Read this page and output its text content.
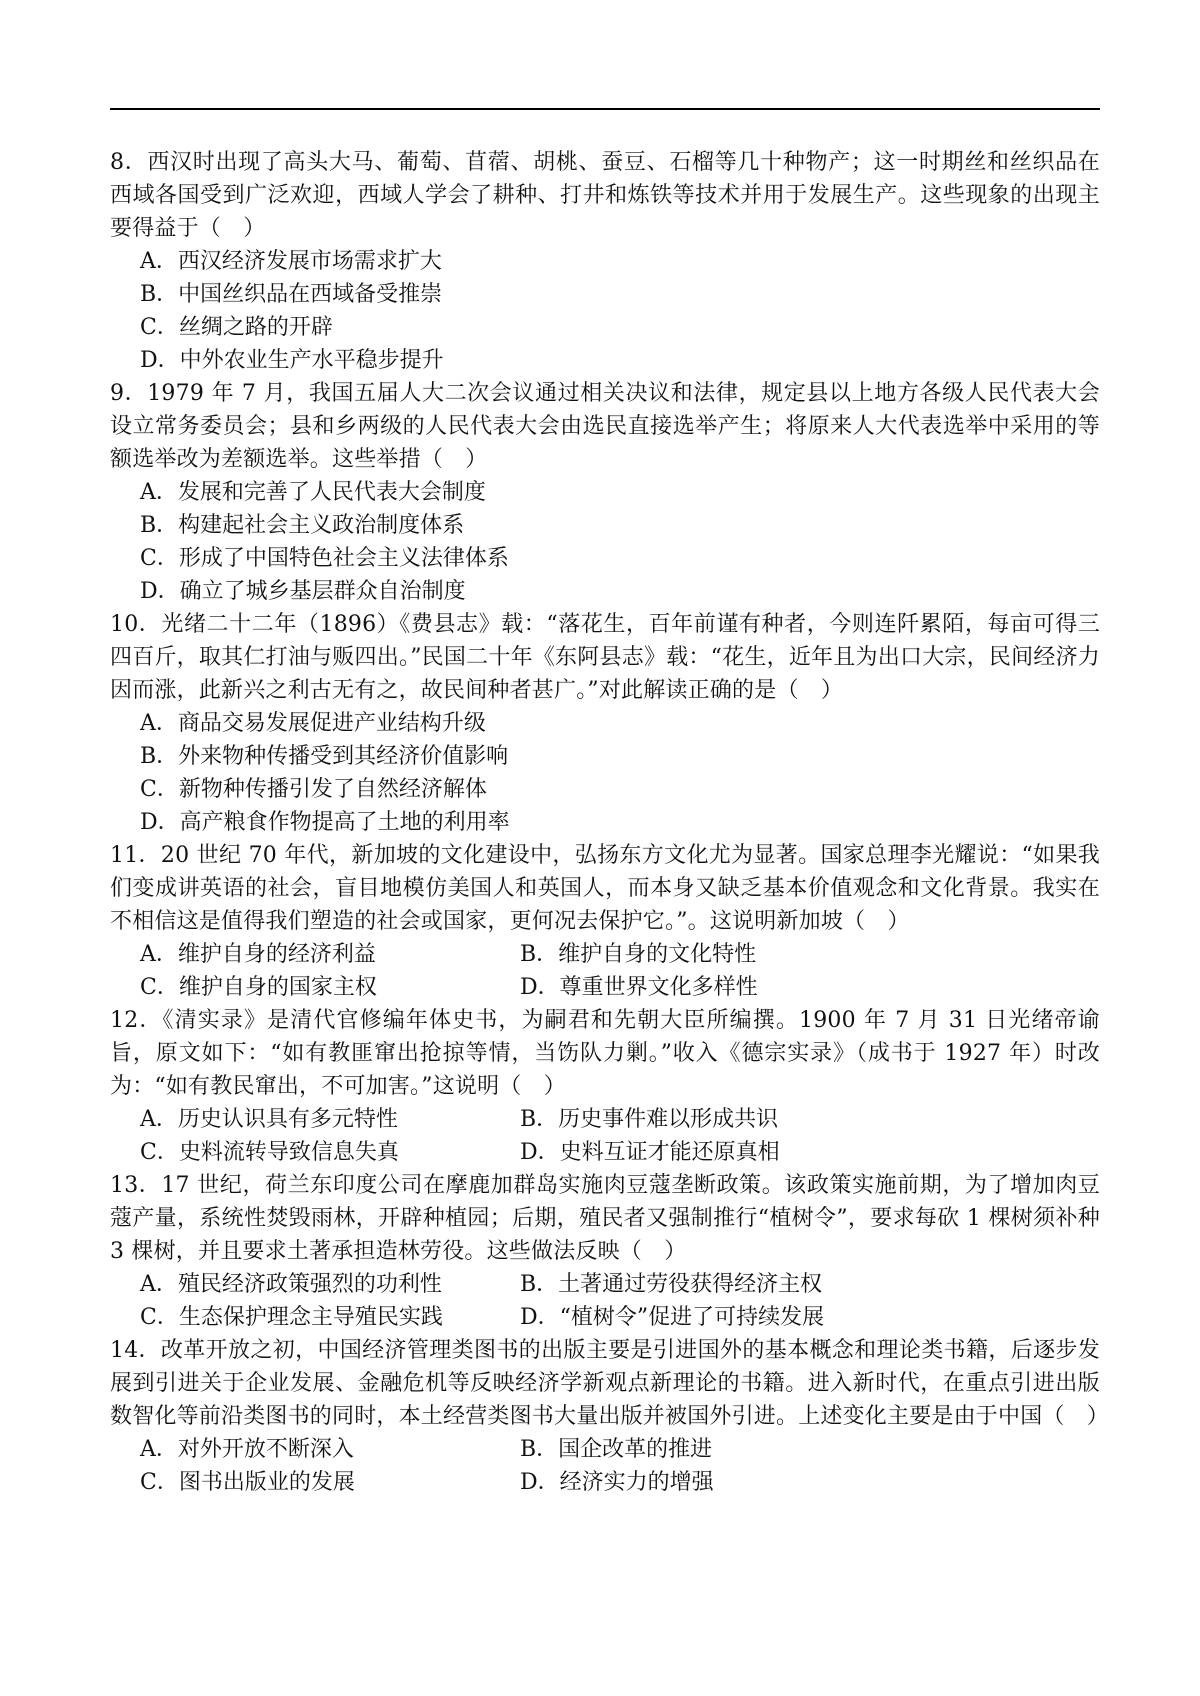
8．西汉时出现了高头大马、葡萄、苜蓿、胡桃、蚕豆、石榴等几十种物产；这一时期丝和丝织品在西域各国受到广泛欢迎，西域人学会了耕种、打井和炼铁等技术并用于发展生产。这些现象的出现主要得益于（　）

A．西汉经济发展市场需求扩大

B．中国丝织品在西域备受推崇

C．丝绸之路的开辟

D．中外农业生产水平稳步提升

9．1979 年 7 月，我国五届人大二次会议通过相关决议和法律，规定县以上地方各级人民代表大会设立常务委员会；县和乡两级的人民代表大会由选民直接选举产生；将原来人大代表选举中采用的等额选举改为差额选举。这些举措（　）

A．发展和完善了人民代表大会制度

B．构建起社会主义政治制度体系

C．形成了中国特色社会主义法律体系

D．确立了城乡基层群众自治制度

10．光绪二十二年（1896）《费县志》载：“落花生，百年前谨有种者，今则连阡累陌，每亩可得三四百斤，取其仁打油与贩四出。”民国二十年《东阿县志》载：“花生，近年且为出口大宗，民间经济力因而涨，此新兴之利古无有之，故民间种者甚广。”对此解读正确的是（　）

A．商品交易发展促进产业结构升级

B．外来物种传播受到其经济价值影响

C．新物种传播引发了自然经济解体

D．高产粮食作物提高了土地的利用率

11．20 世纪 70 年代，新加坡的文化建设中，弘扬东方文化尤为显著。国家总理李光耀说：“如果我们变成讲英语的社会，盲目地模仿美国人和英国人，而本身又缺乏基本价值观念和文化背景。我实在不相信这是值得我们塑造的社会或国家，更何况去保护它。”。这说明新加坡（　）

A．维护自身的经济利益	B．维护自身的文化特性

C．维护自身的国家主权	D．尊重世界文化多样性

12．《清实录》是清代官修编年体史书，为嗣君和先朝大臣所编撰。1900 年 7 月 31 日光绪帝谕旨，原文如下：“如有教匪窜出抢掠等情，当饬队力剿。”收入《德宗实录》（成书于 1927 年）时改为：“如有教民窜出，不可加害。”这说明（　）

A．历史认识具有多元特性	B．历史事件难以形成共识

C．史料流转导致信息失真	D．史料互证才能还原真相

13．17 世纪，荷兰东印度公司在摩鹿加群岛实施肉豆蔻垄断政策。该政策实施前期，为了增加肉豆蔻产量，系统性焚毁雨林，开辟种植园；后期，殖民者又强制推行“植树令”，要求每砍 1 棵树须补种 3 棵树，并且要求土著承担造林劳役。这些做法反映（　）

A．殖民经济政策强烈的功利性	B．土著通过劳役获得经济主权

C．生态保护理念主导殖民实践	D．“植树令”促进了可持续发展

14．改革开放之初，中国经济管理类图书的出版主要是引进国外的基本概念和理论类书籍，后逐步发展到引进关于企业发展、金融危机等反映经济学新观点新理论的书籍。进入新时代，在重点引进出版数智化等前沿类图书的同时，本土经营类图书大量出版并被国外引进。上述变化主要是由于中国（　）

A．对外开放不断深入	B．国企改革的推进

C．图书出版业的发展	D．经济实力的增强
